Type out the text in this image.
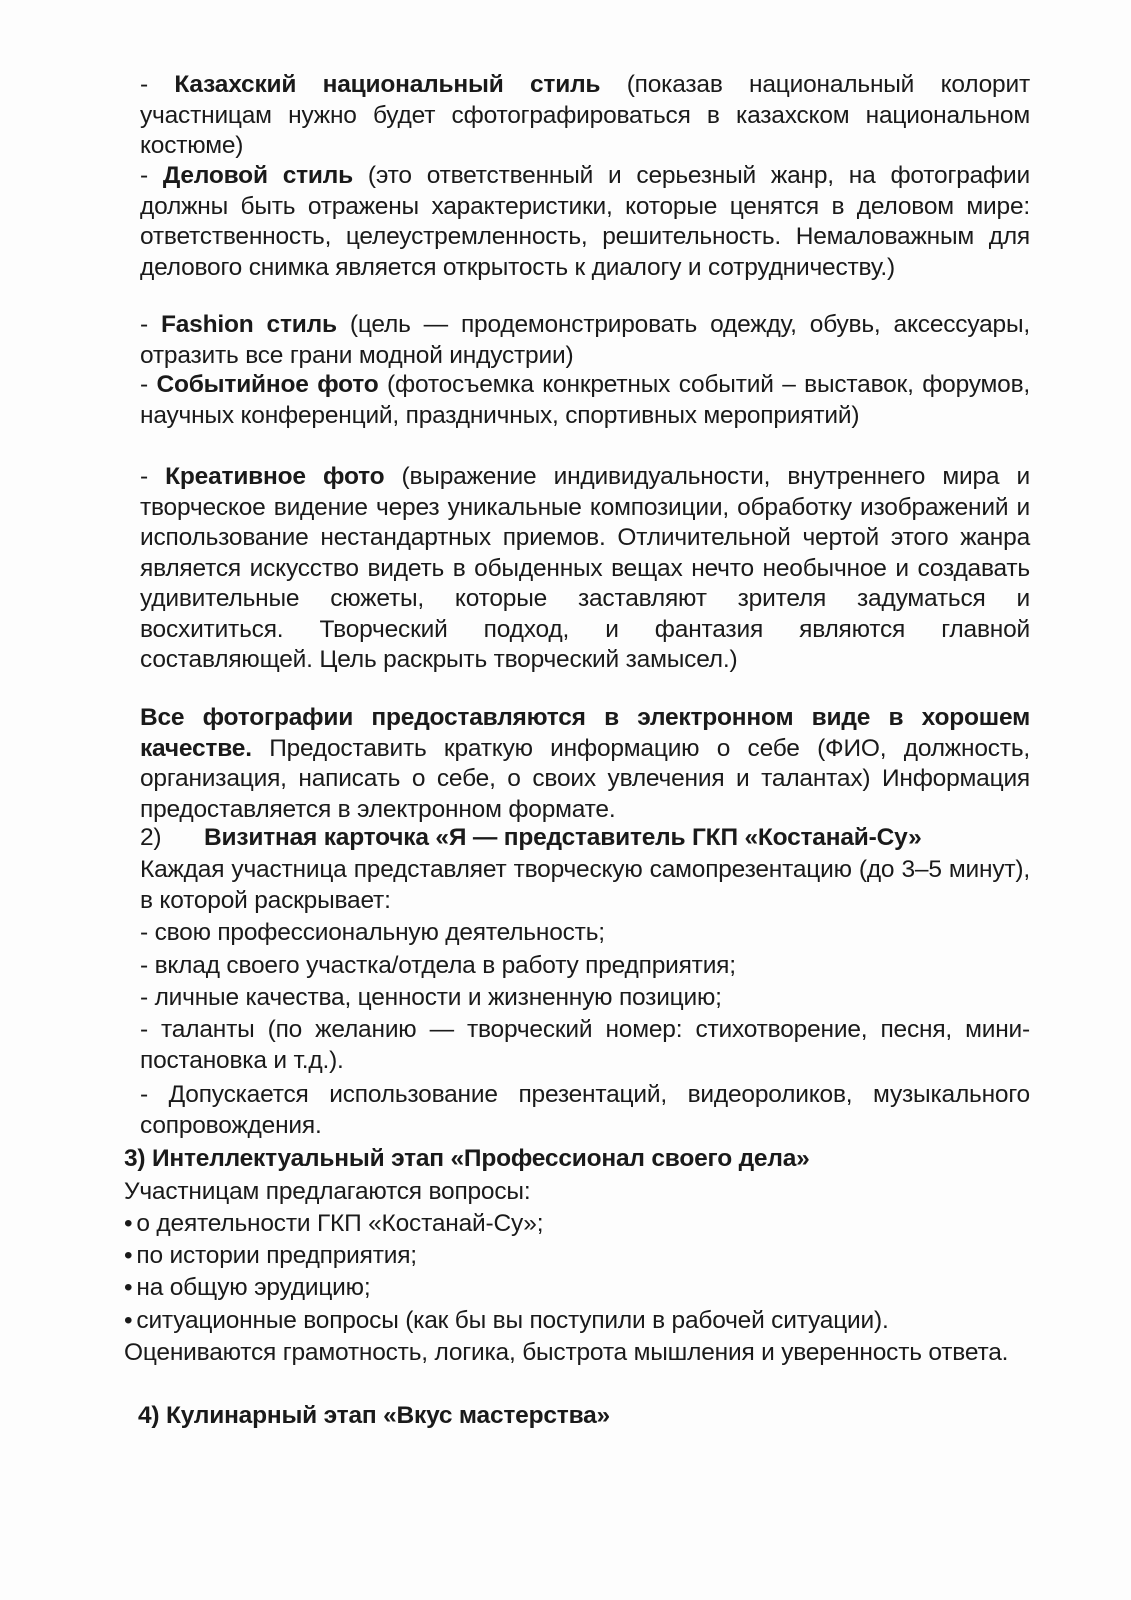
- Казахский национальный стиль (показав национальный колорит участницам нужно будет сфотографироваться в казахском национальном костюме)

- Деловой стиль (это ответственный и серьезный жанр, на фотографии должны быть отражены характеристики, которые ценятся в деловом мире: ответственность, целеустремленность, решительность. Немаловажным для делового снимка является открытость к диалогу и сотрудничеству.)

- Fashion стиль (цель — продемонстрировать одежду, обувь, аксессуары, отразить все грани модной индустрии)

- Событийное фото (фотосъемка конкретных событий – выставок, форумов, научных конференций, праздничных, спортивных мероприятий)

- Креативное фото (выражение индивидуальности, внутреннего мира и творческое видение через уникальные композиции, обработку изображений и использование нестандартных приемов. Отличительной чертой этого жанра является искусство видеть в обыденных вещах нечто необычное и создавать удивительные сюжеты, которые заставляют зрителя задуматься и восхититься. Творческий подход, и фантазия являются главной составляющей. Цель раскрыть творческий замысел.)

Все фотографии предоставляются в электронном виде в хорошем качестве. Предоставить краткую информацию о себе (ФИО, должность, организация, написать о себе, о своих увлечения и талантах) Информация предоставляется в электронном формате.

2) Визитная карточка «Я — представитель ГКП «Костанай-Су»

Каждая участница представляет творческую самопрезентацию (до 3–5 минут), в которой раскрывает:

- свою профессиональную деятельность;

- вклад своего участка/отдела в работу предприятия;

- личные качества, ценности и жизненную позицию;

- таланты (по желанию — творческий номер: стихотворение, песня, мини-постановка и т.д.).

- Допускается использование презентаций, видеороликов, музыкального сопровождения.

3) Интеллектуальный этап «Профессионал своего дела»
Участницам предлагаются вопросы:
• о деятельности ГКП «Костанай-Су»;
• по истории предприятия;
• на общую эрудицию;
• ситуационные вопросы (как бы вы поступили в рабочей ситуации).

Оцениваются грамотность, логика, быстрота мышления и уверенность ответа.

4) Кулинарный этап «Вкус мастерства»
